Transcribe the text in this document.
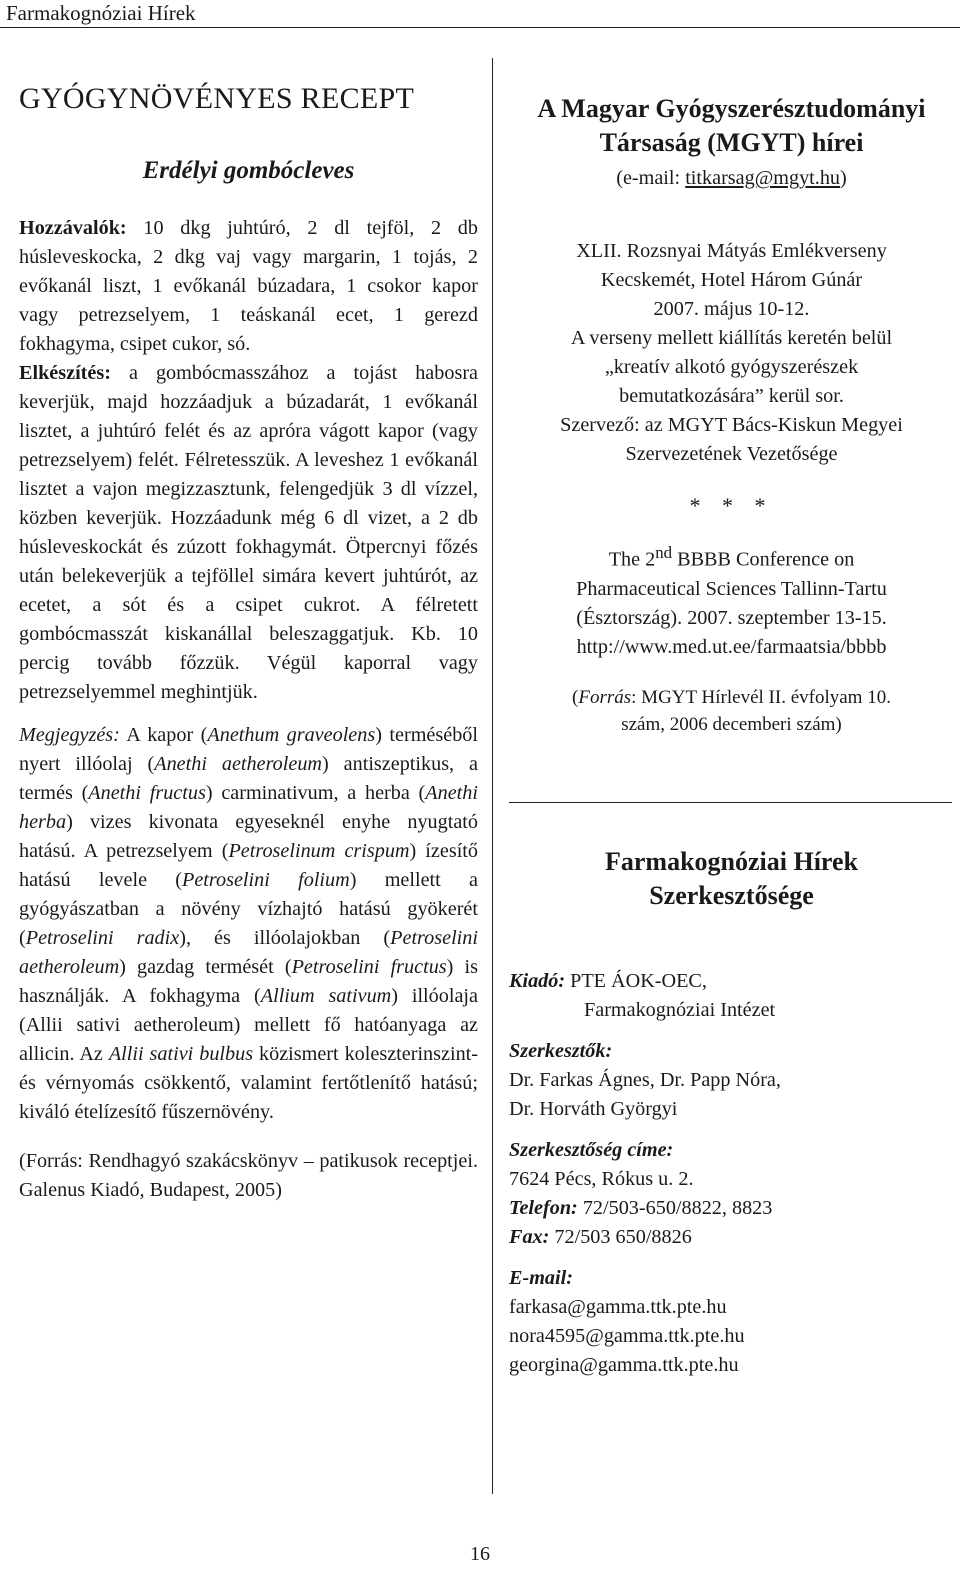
Farmakognóziai Hírek
GYÓGYNÖVÉNYES RECEPT
Erdélyi gombócleves

Hozzávalók: 10 dkg juhtúró, 2 dl tejföl, 2 db húsleveskocka, 2 dkg vaj vagy margarin, 1 tojás, 2 evőkanál liszt, 1 evőkanál búzadara, 1 csokor kapor vagy petrezselyem, 1 teáskanál ecet, 1 gerezd fokhagyma, csipet cukor, só.
Elkészítés: a gombócmasszához a tojást habosra keverjük, majd hozzáadjuk a búzadarát, 1 evőkanál lisztet, a juhtúró felét és az apróra vágott kapor (vagy petrezselyem) felét. Félretesszük. A leveshez 1 evőkanál lisztet a vajon megizzasztunk, felengedjük 3 dl vízzel, közben keverjük. Hozzáadunk még 6 dl vizet, a 2 db húsleveskockát és zúzott fokhagymát. Ötpercnyi főzés után belekeverjük a tejföllel simára kevert juhtúrót, az ecetet, a sót és a csipet cukrot. A félretett gombócmasszát kiskanállal beleszaggatjuk. Kb. 10 percig tovább főzzük. Végül kaporral vagy petrezselyemmel meghintjük.

Megjegyzés: A kapor (Anethum graveolens) terméséből nyert illóolaj (Anethi aetheroleum) antiszeptikus, a termés (Anethi fructus) carminativum, a herba (Anethi herba) vizes kivonata egyeseknél enyhe nyugtató hatású. A petrezselyem (Petroselinum crispum) ízesítő hatású levele (Petroselini folium) mellett a gyógyászatban a növény vízhajtó hatású gyökerét (Petroselini radix), és illóolajokban (Petroselini aetheroleum) gazdag termését (Petroselini fructus) is használják. A fokhagyma (Allium sativum) illóolaja (Allii sativi aetheroleum) mellett fő hatóanyaga az allicin. Az Allii sativi bulbus közismert koleszterinszint- és vérnyomás csökkentő, valamint fertőtlenítő hatású; kiváló ételízesítő fűszernövény.

(Forrás: Rendhagyó szakácskönyv – patikusok receptjei. Galenus Kiadó, Budapest, 2005)

A Magyar Gyógyszerésztudományi Társaság (MGYT) hírei
(e-mail: titkarsag@mgyt.hu)
XLII. Rozsnyai Mátyás Emlékverseny
Kecskemét, Hotel Három Gúnár
2007. május 10-12.
A verseny mellett kiállítás keretén belül
„kreatív alkotó gyógyszerészek
bemutatkozására” kerül sor.
Szervező: az MGYT Bács-Kiskun Megyei
Szervezetének Vezetősége
* * *
The 2nd BBBB Conference on
Pharmaceutical Sciences Tallinn-Tartu
(Észtország). 2007. szeptember 13-15.
http://www.med.ut.ee/farmaatsia/bbbb
(Forrás: MGYT Hírlevél II. évfolyam 10.
szám, 2006 decemberi szám)
Farmakognóziai Hírek
Szerkesztősége
Kiadó: PTE ÁOK-OEC,
Farmakognóziai Intézet
Szerkesztők:
Dr. Farkas Ágnes, Dr. Papp Nóra,
Dr. Horváth Györgyi
Szerkesztőség címe:
7624 Pécs, Rókus u. 2.
Telefon: 72/503-650/8822, 8823
Fax: 72/503 650/8826
E-mail:
farkasa@gamma.ttk.pte.hu
nora4595@gamma.ttk.pte.hu
georgina@gamma.ttk.pte.hu
16
